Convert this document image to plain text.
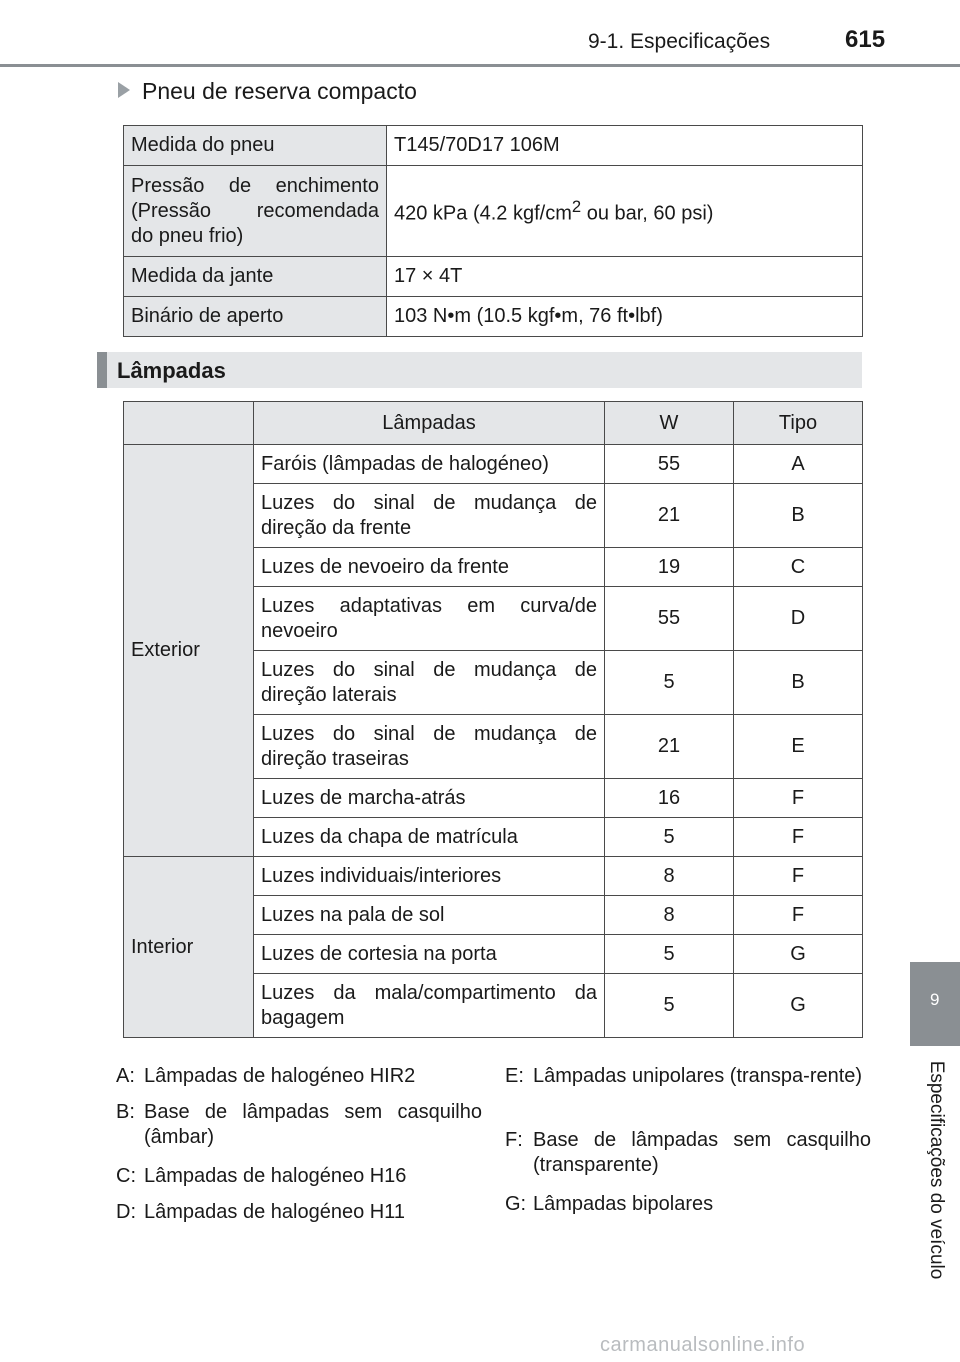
9-1. Especificações	615
Pneu de reserva compacto
Medida do pneu	T145/70D17 106M

Pressão de enchimento
(Pressão recomendada
do pneu frio)	420 kPa (4.2 kgf/$cm^2$ ou bar, 60 psi)
Medida da jante	17 × 4T
Binário de aperto	103 N•m (10.5 kgf•m, 76 ft•lbf)
Lâmpadas
	Lâmpadas	W	Tipo
Exterior	Faróis (lâmpadas de halogéneo)	55	A

	Luzes do sinal de mudança de
direção da frente	21	B
	Luzes de nevoeiro da frente	19	C

	Luzes adaptativas em curva/de
nevoeiro	55	D

	Luzes do sinal de mudança de
direção laterais	5	B

	Luzes do sinal de mudança de
direção traseiras	21	E
	Luzes de marcha-atrás	16	F
	Luzes da chapa de matrícula	5	F
Interior	Luzes individuais/interiores	8	F
	Luzes na pala de sol	8	F
	Luzes de cortesia na porta	5	G

	Luzes da mala/compartimento da
bagagem	5	G
A: Lâmpadas de halogéneo HIR2
B: Base de lâmpadas sem casquilho (âmbar)
C: Lâmpadas de halogéneo H16
D: Lâmpadas de halogéneo H11
E: Lâmpadas unipolares (transpa-rente)
F: Base de lâmpadas sem casquilho (transparente)
G: Lâmpadas bipolares
9
Especificações do veículo
carmanualsonline.info
